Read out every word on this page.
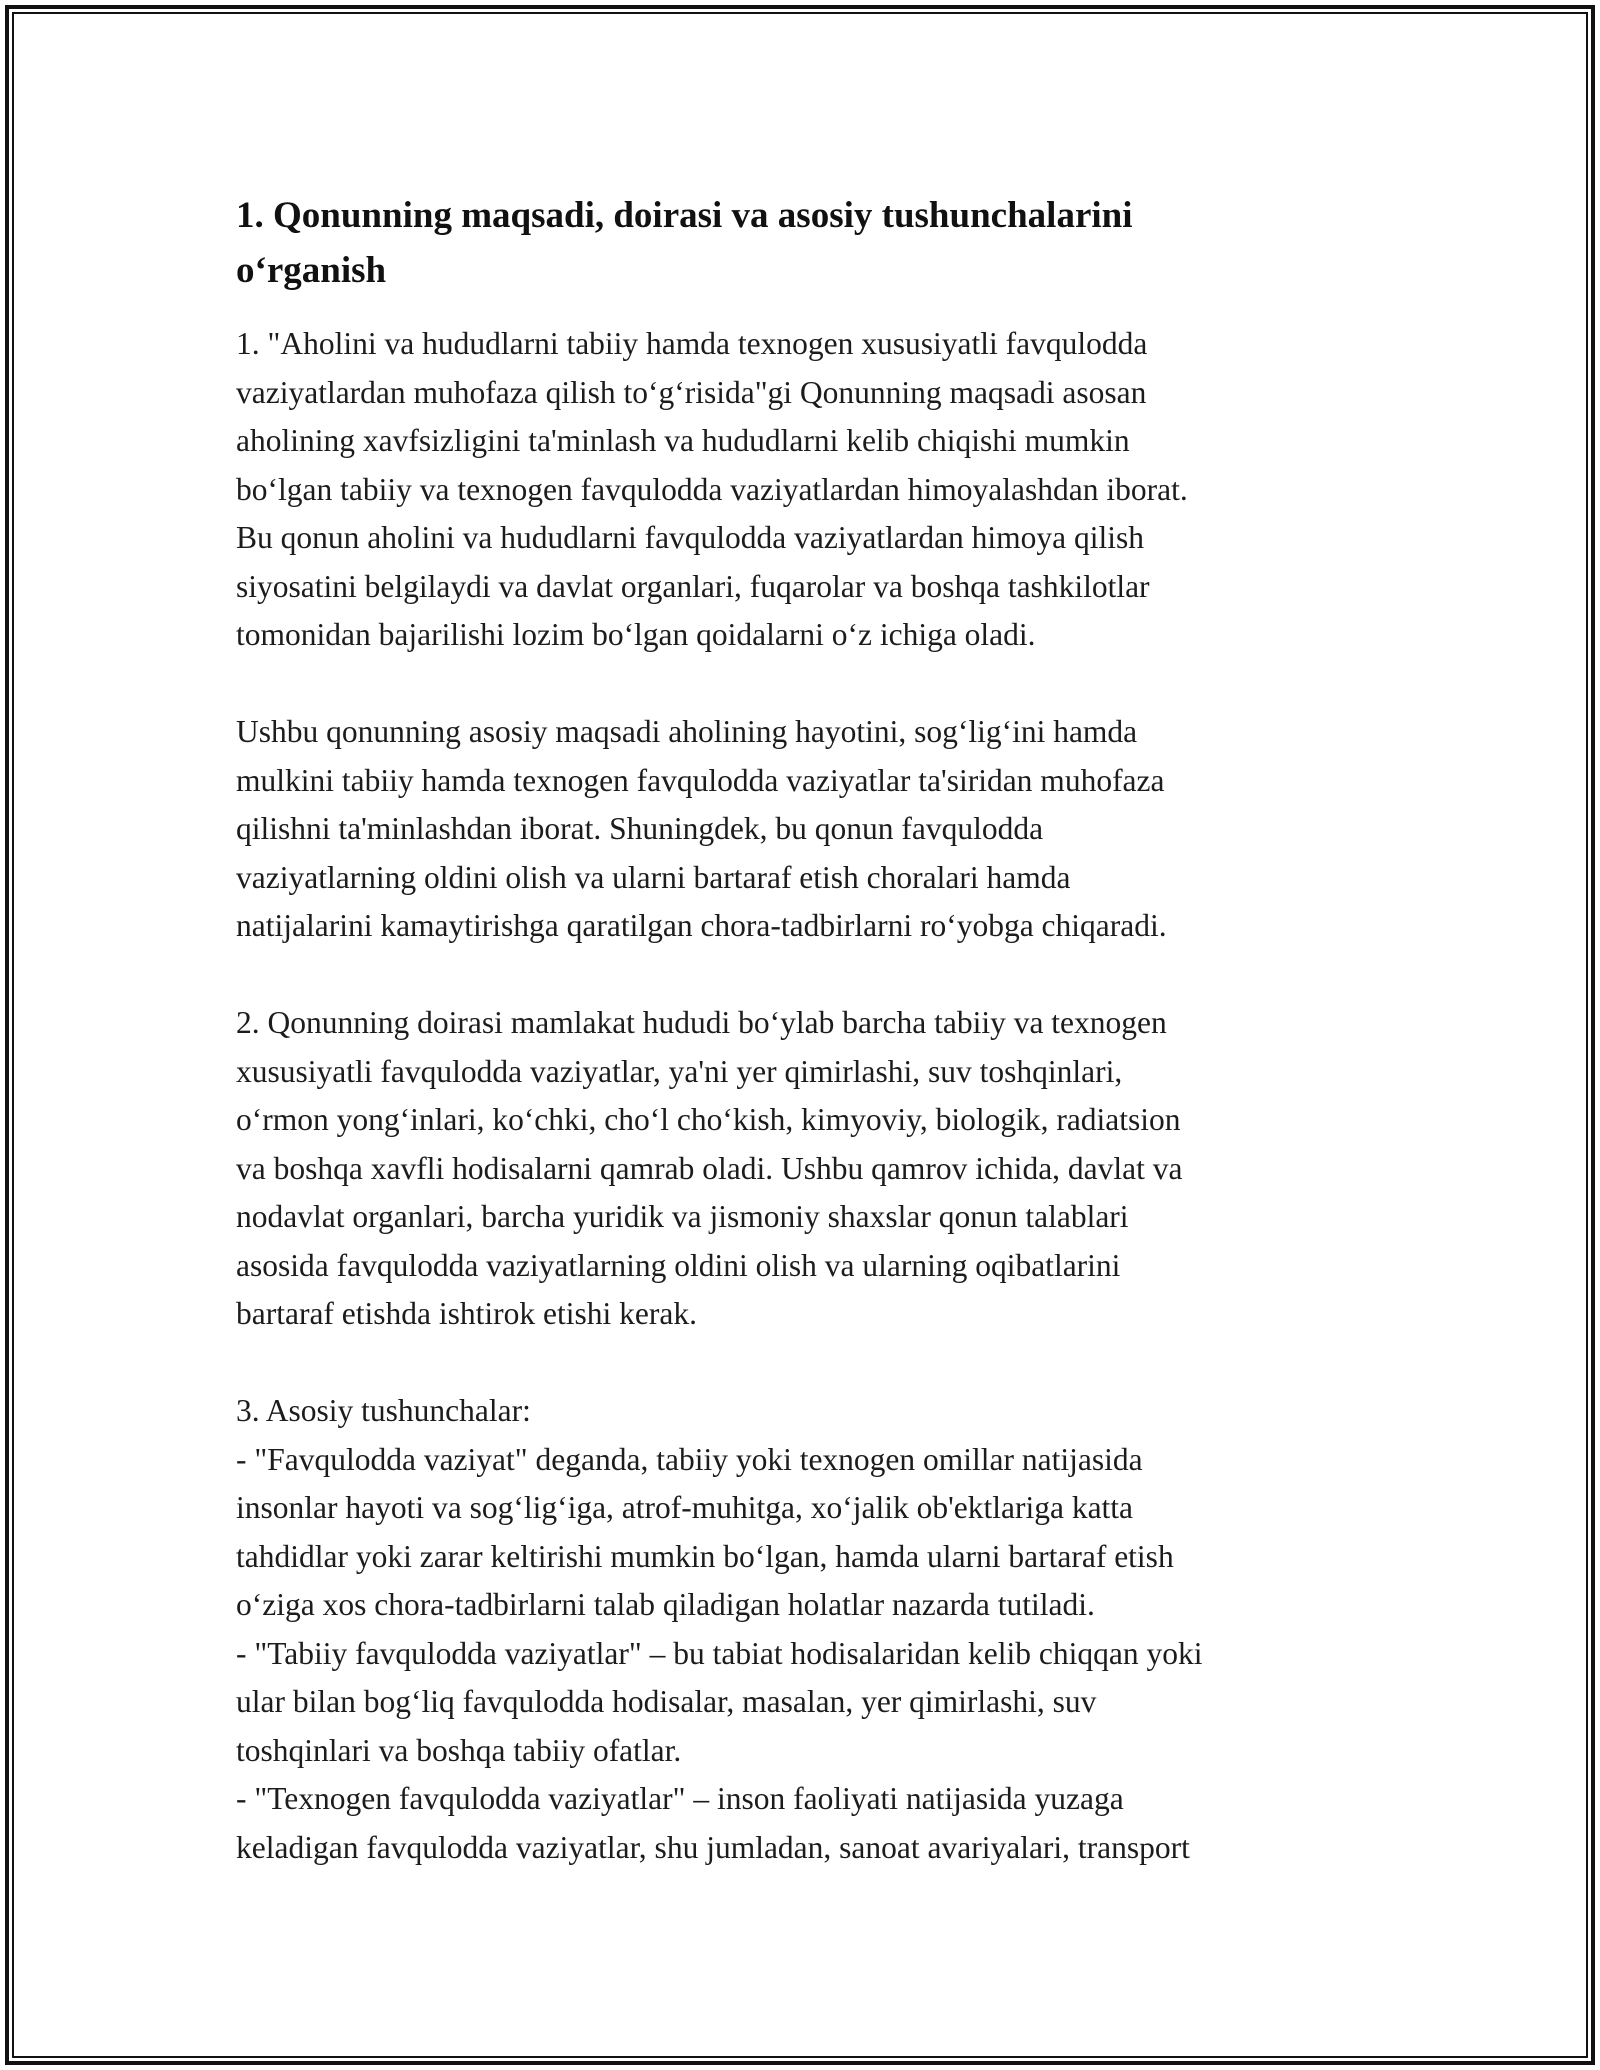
1. Qonunning maqsadi, doirasi va asosiy tushunchalarini
o‘rganish

1. "Aholini va hududlarni tabiiy hamda texnogen xususiyatli favqulodda
vaziyatlardan muhofaza qilish to‘g‘risida"gi Qonunning maqsadi asosan
aholining xavfsizligini ta'minlash va hududlarni kelib chiqishi mumkin
bo‘lgan tabiiy va texnogen favqulodda vaziyatlardan himoyalashdan iborat.
Bu qonun aholini va hududlarni favqulodda vaziyatlardan himoya qilish
siyosatini belgilaydi va davlat organlari, fuqarolar va boshqa tashkilotlar
tomonidan bajarilishi lozim bo‘lgan qoidalarni o‘z ichiga oladi.

Ushbu qonunning asosiy maqsadi aholining hayotini, sog‘lig‘ini hamda
mulkini tabiiy hamda texnogen favqulodda vaziyatlar ta'siridan muhofaza
qilishni ta'minlashdan iborat. Shuningdek, bu qonun favqulodda
vaziyatlarning oldini olish va ularni bartaraf etish choralari hamda
natijalarini kamaytirishga qaratilgan chora-tadbirlarni ro‘yobga chiqaradi.

2. Qonunning doirasi mamlakat hududi bo‘ylab barcha tabiiy va texnogen
xususiyatli favqulodda vaziyatlar, ya'ni yer qimirlashi, suv toshqinlari,
o‘rmon yong‘inlari, ko‘chki, cho‘l cho‘kish, kimyoviy, biologik, radiatsion
va boshqa xavfli hodisalarni qamrab oladi. Ushbu qamrov ichida, davlat va
nodavlat organlari, barcha yuridik va jismoniy shaxslar qonun talablari
asosida favqulodda vaziyatlarning oldini olish va ularning oqibatlarini
bartaraf etishda ishtirok etishi kerak.

3. Asosiy tushunchalar:
- "Favqulodda vaziyat" deganda, tabiiy yoki texnogen omillar natijasida
insonlar hayoti va sog‘lig‘iga, atrof-muhitga, xo‘jalik ob'ektlariga katta
tahdidlar yoki zarar keltirishi mumkin bo‘lgan, hamda ularni bartaraf etish
o‘ziga xos chora-tadbirlarni talab qiladigan holatlar nazarda tutiladi.
- "Tabiiy favqulodda vaziyatlar" – bu tabiat hodisalaridan kelib chiqqan yoki
ular bilan bog‘liq favqulodda hodisalar, masalan, yer qimirlashi, suv
toshqinlari va boshqa tabiiy ofatlar.
- "Texnogen favqulodda vaziyatlar" – inson faoliyati natijasida yuzaga
keladigan favqulodda vaziyatlar, shu jumladan, sanoat avariyalari, transport
